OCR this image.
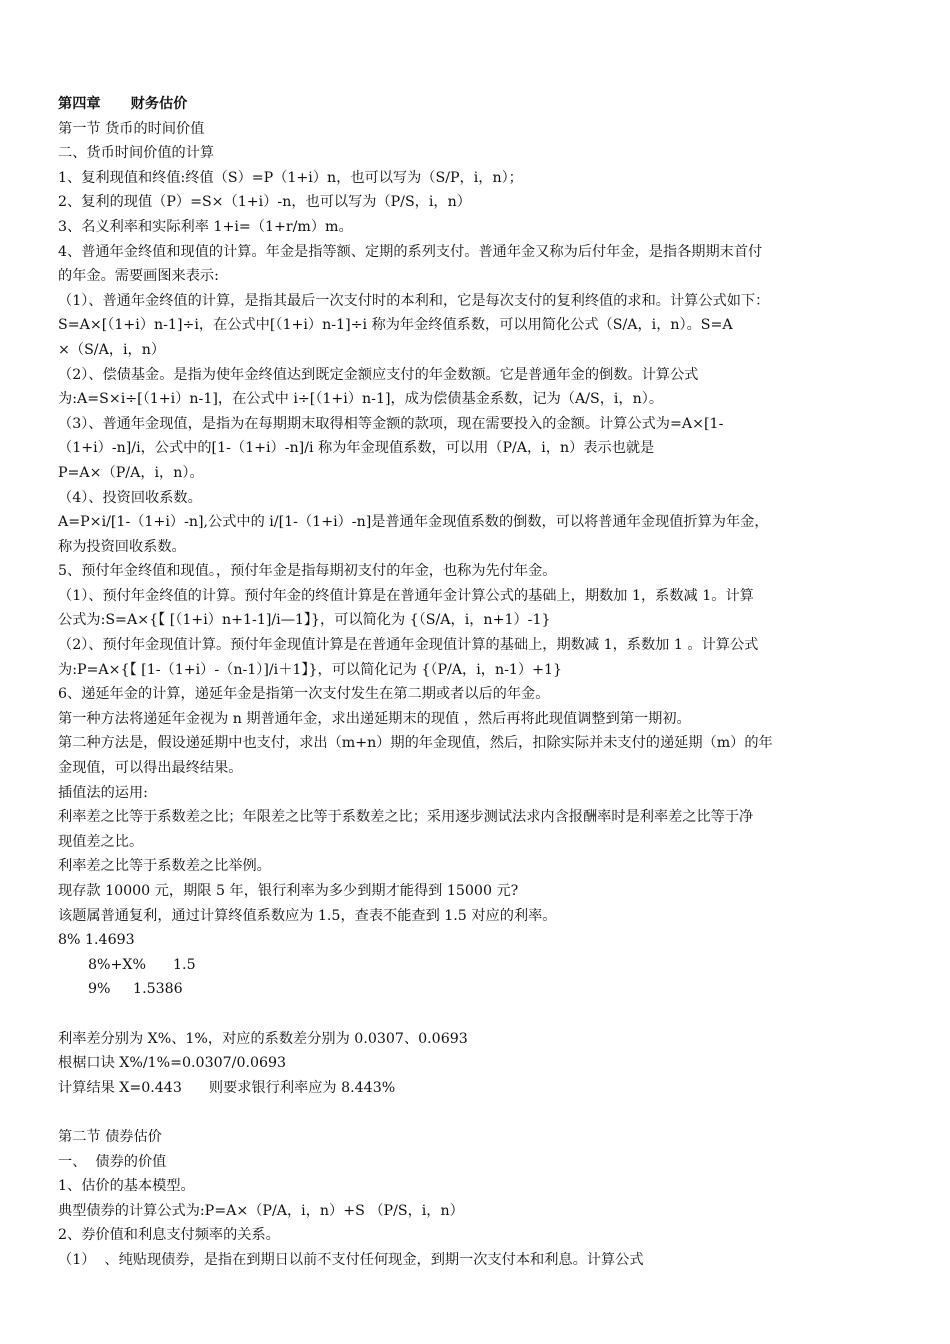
第四章 财务估价
第一节 货币的时间价值
二、货币时间价值的计算
1、复利现值和终值:终值（S）=P（1+i）n，也可以写为（S/P，i，n）；
2、复利的现值（P）=S×（1+i）-n，也可以写为（P/S，i，n）
3、名义利率和实际利率 1+i=（1+r/m）m。
4、普通年金终值和现值的计算。年金是指等额、定期的系列支付。普通年金又称为后付年金，是指各期期末首付
的年金。需要画图来表示:
（1）、普通年金终值的计算，是指其最后一次支付时的本利和，它是每次支付的复利终值的求和。计算公式如下：
S=A×[（1+i）n-1]÷i，在公式中[（1+i）n-1]÷i 称为年金终值系数，可以用简化公式（S/A，i，n）。S=A
×（S/A，i，n）
（2）、偿债基金。是指为使年金终值达到既定金额应支付的年金数额。它是普通年金的倒数。计算公式
为:A=S×i÷[（1+i）n-1]，在公式中 i÷[（1+i）n-1]，成为偿债基金系数，记为（A/S，i，n）。
（3）、普通年金现值，是指为在每期期末取得相等金额的款项，现在需要投入的金额。计算公式为=A×[1-
（1+i）-n]/i，公式中的[1-（1+i）-n]/i 称为年金现值系数，可以用（P/A，i，n）表示也就是
P=A×（P/A，i，n）。
（4）、投资回收系数。
A=P×i/[1-（1+i）-n],公式中的 i/[1-（1+i）-n]是普通年金现值系数的倒数，可以将普通年金现值折算为年金，
称为投资回收系数。
5、预付年金终值和现值。，预付年金是指每期初支付的年金，也称为先付年金。
（1）、预付年金终值的计算。预付年金的终值计算是在普通年金计算公式的基础上，期数加 1，系数减 1。计算
公式为:S=A×{【 [（1+i）n+1-1]/i—1】}，可以简化为 {（S/A，i，n+1）-1}
（2）、预付年金现值计算。预付年金现值计算是在普通年金现值计算的基础上，期数减 1，系数加 1 。计算公式
为:P=A×{【 [1-（1+i）-（n-1）]/i＋1】}，可以简化记为 {（P/A，i，n-1）+1}
6、递延年金的计算，递延年金是指第一次支付发生在第二期或者以后的年金。
第一种方法将递延年金视为 n 期普通年金，求出递延期末的现值 ，然后再将此现值调整到第一期初。
第二种方法是，假设递延期中也支付，求出（m+n）期的年金现值，然后，扣除实际并未支付的递延期（m）的年
金现值，可以得出最终结果。
插值法的运用:
利率差之比等于系数差之比；年限差之比等于系数差之比；采用逐步测试法求内含报酬率时是利率差之比等于净
现值差之比。
利率差之比等于系数差之比举例。
现存款 10000 元，期限 5 年，银行利率为多少到期才能得到 15000 元?
该题属普通复利，通过计算终值系数应为 1.5，查表不能查到 1.5 对应的利率。
8% 1.4693
8%+X%      1.5
9%     1.5386
利率差分别为 X%、1%，对应的系数差分别为 0.0307、0.0693
根椐口诀 X%/1%=0.0307/0.0693
计算结果 X=0.443      则要求银行利率应为 8.443%
第二节 债券估价
一、  债券的价值
1、估价的基本模型。
典型债券的计算公式为:P=A×（P/A，i，n）+S （P/S，i，n）
2、券价值和利息支付频率的关系。
（1）  、纯贴现债券，是指在到期日以前不支付任何现金，到期一次支付本和利息。计算公式
